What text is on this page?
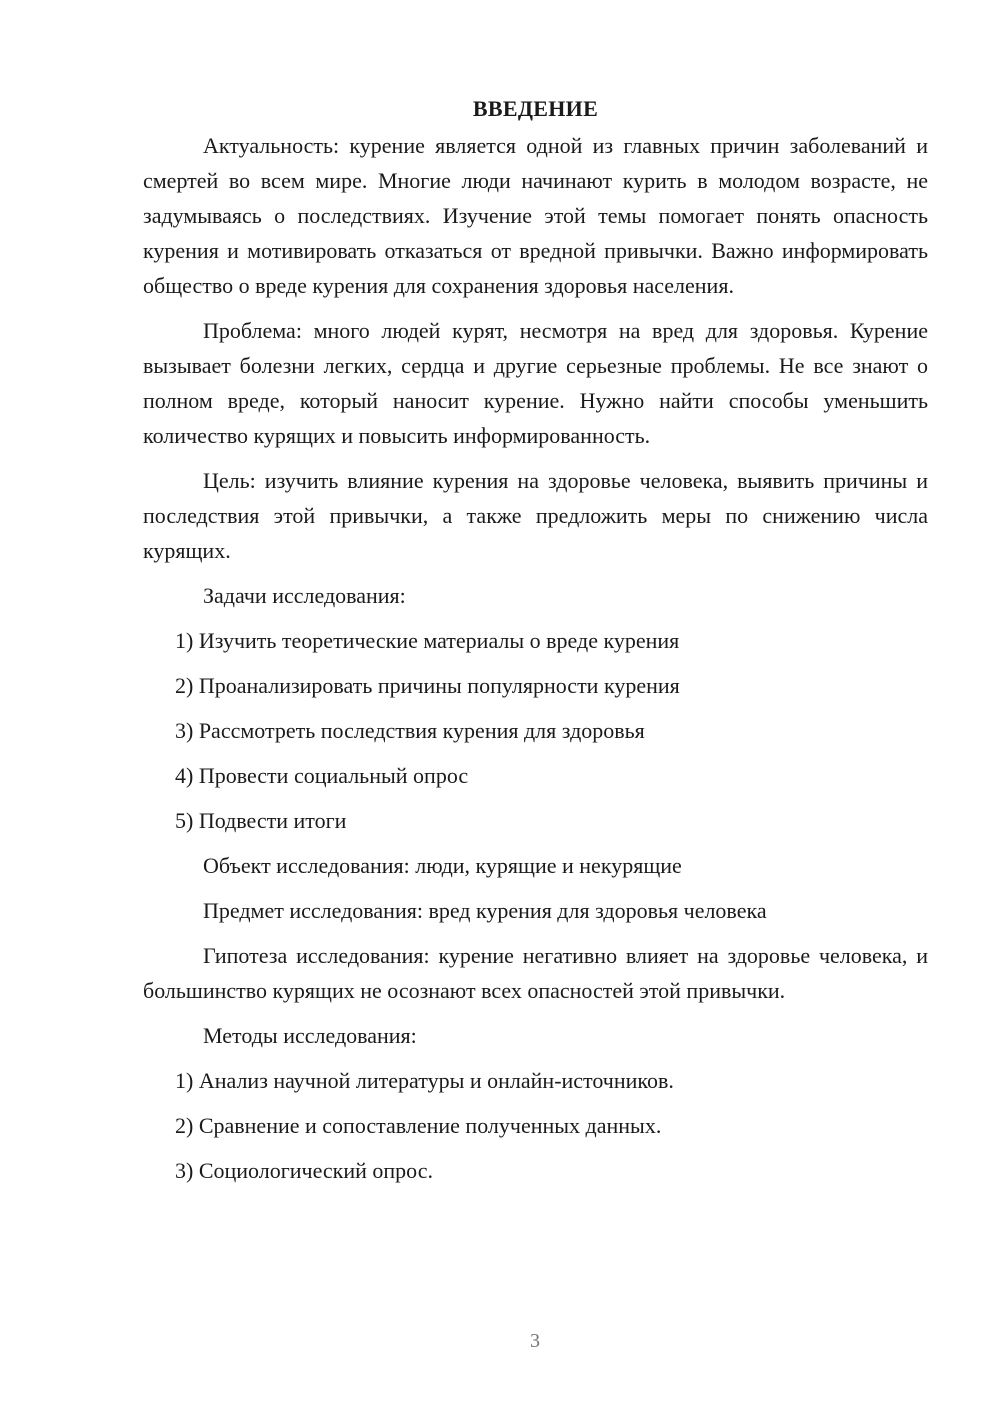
ВВЕДЕНИЕ

Актуальность: курение является одной из главных причин заболеваний и смертей во всем мире. Многие люди начинают курить в молодом возрасте, не задумываясь о последствиях. Изучение этой темы помогает понять опасность курения и мотивировать отказаться от вредной привычки. Важно информировать общество о вреде курения для сохранения здоровья населения.

Проблема: много людей курят, несмотря на вред для здоровья. Курение вызывает болезни легких, сердца и другие серьезные проблемы. Не все знают о полном вреде, который наносит курение. Нужно найти способы уменьшить количество курящих и повысить информированность.

Цель: изучить влияние курения на здоровье человека, выявить причины и последствия этой привычки, а также предложить меры по снижению числа курящих.

Задачи исследования:
1) Изучить теоретические материалы о вреде курения
2) Проанализировать причины популярности курения
3) Рассмотреть последствия курения для здоровья
4) Провести социальный опрос
5) Подвести итоги
Объект исследования: люди, курящие и некурящие
Предмет исследования: вред курения для здоровья человека

Гипотеза исследования: курение негативно влияет на здоровье человека, и большинство курящих не осознают всех опасностей этой привычки.

Методы исследования:
1) Анализ научной литературы и онлайн-источников.
2) Сравнение и сопоставление полученных данных.
3) Социологический опрос.
3
